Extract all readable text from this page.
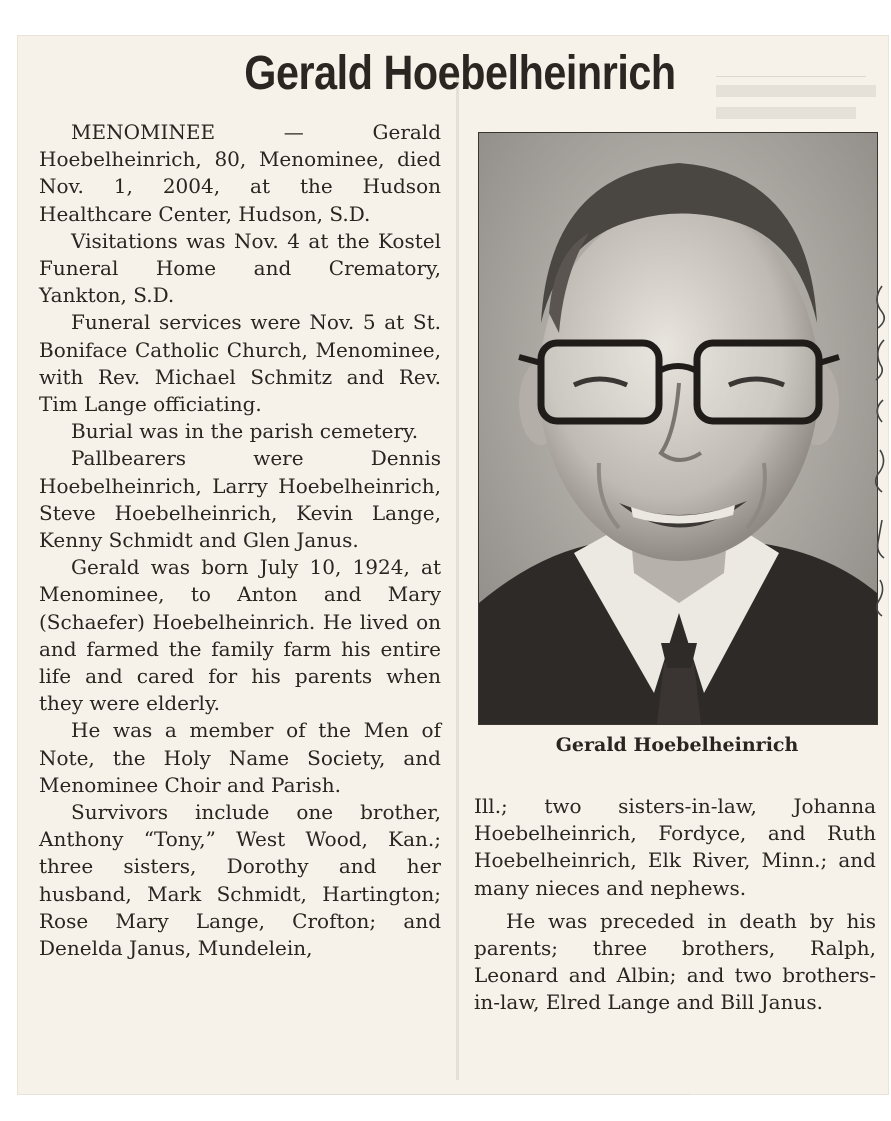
Gerald Hoebelheinrich

MENOMINEE — Gerald Hoebelheinrich, 80, Menominee, died Nov. 1, 2004, at the Hudson Healthcare Center, Hudson, S.D.

Visitations was Nov. 4 at the Kostel Funeral Home and Crematory, Yankton, S.D.

Funeral services were Nov. 5 at St. Boniface Catholic Church, Menominee, with Rev. Michael Schmitz and Rev. Tim Lange officiating.

Burial was in the parish cemetery.

Pallbearers were Dennis Hoebelheinrich, Larry Hoebelheinrich, Steve Hoebelheinrich, Kevin Lange, Kenny Schmidt and Glen Janus.

Gerald was born July 10, 1924, at Menominee, to Anton and Mary (Schaefer) Hoebelheinrich. He lived on and farmed the family farm his entire life and cared for his parents when they were elderly.

He was a member of the Men of Note, the Holy Name Society, and Menominee Choir and Parish.

Survivors include one brother, Anthony “Tony,” West Wood, Kan.; three sisters, Dorothy and her husband, Mark Schmidt, Hartington; Rose Mary Lange, Crofton; and Denelda Janus, Mundelein,

Gerald Hoebelheinrich

Ill.; two sisters-in-law, Johanna Hoebelheinrich, Fordyce, and Ruth Hoebelheinrich, Elk River, Minn.; and many nieces and nephews.

He was preceded in death by his parents; three brothers, Ralph, Leonard and Albin; and two brothers-in-law, Elred Lange and Bill Janus.
